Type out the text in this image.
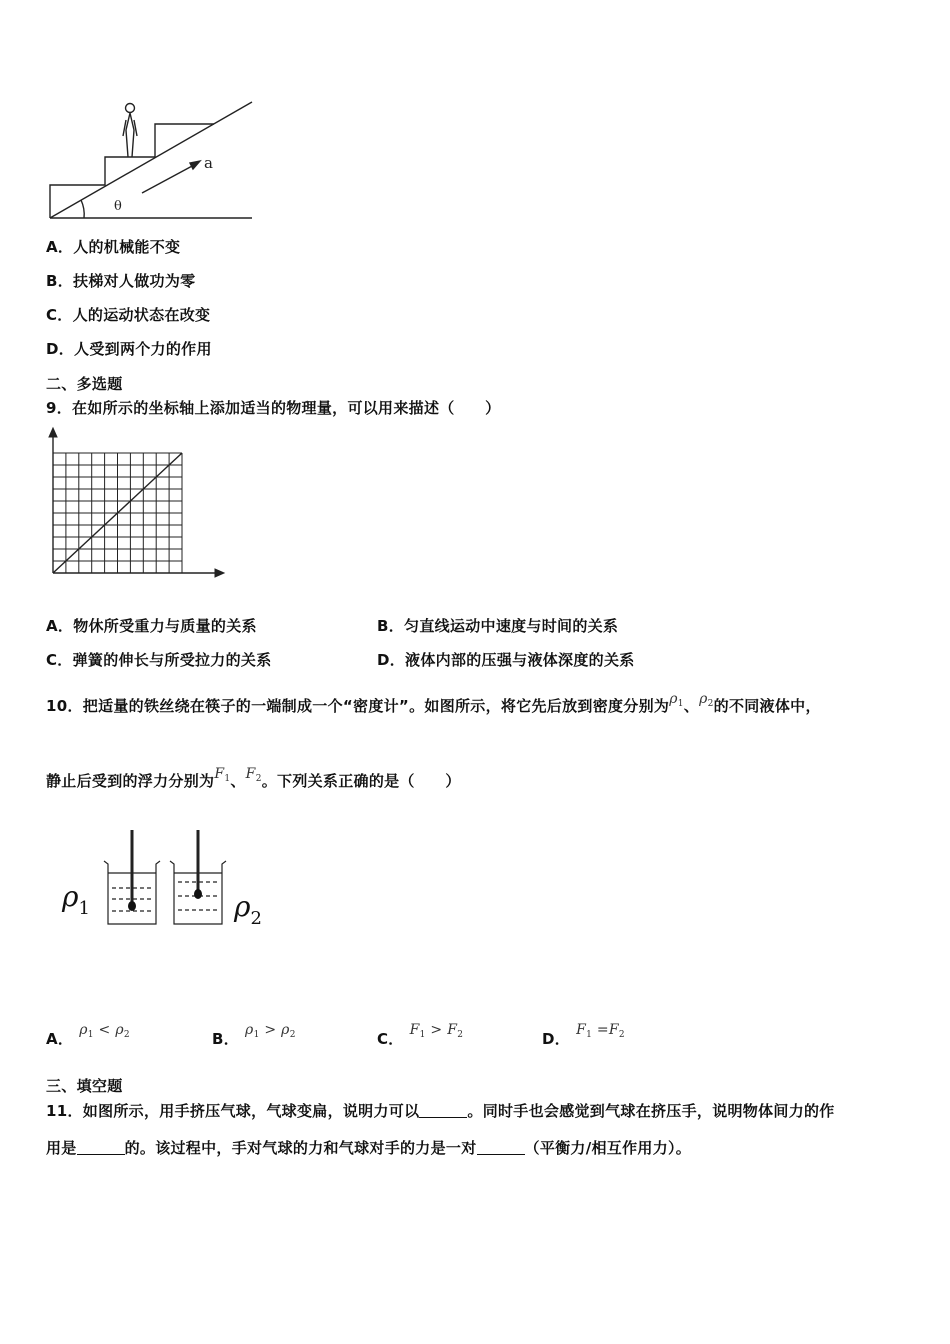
a
θ
A．人的机械能不变
B．扶梯对人做功为零
C．人的运动状态在改变
D．人受到两个力的作用
二、多选题
9．在如所示的坐标轴上添加适当的物理量，可以用来描述（　　）
A．物休所受重力与质量的关系	B．匀直线运动中速度与时间的关系
C．弹簧的伸长与所受拉力的关系	D．液体内部的压强与液体深度的关系
10．把适量的铁丝绕在筷子的一端制成一个“密度计”。如图所示，将它先后放到密度分别为$\rho_1$、$\rho_2$的不同液体中，
静止后受到的浮力分别为$F_1$、$F_2$。下列关系正确的是（　　）
$\rho_1$	$\rho_2$
A． $\rho_1 < \rho_2$	B． $\rho_1 > \rho_2$	C． $F_1 > F_2$	D． $F_1 =F_2$
三、填空题
11．如图所示，用手挤压气球，气球变扁，说明力可以	。同时手也会感觉到气球在挤压手，说明物体间力的作
用是	的。该过程中，手对气球的力和气球对手的力是一对	（平衡力/相互作用力）。
